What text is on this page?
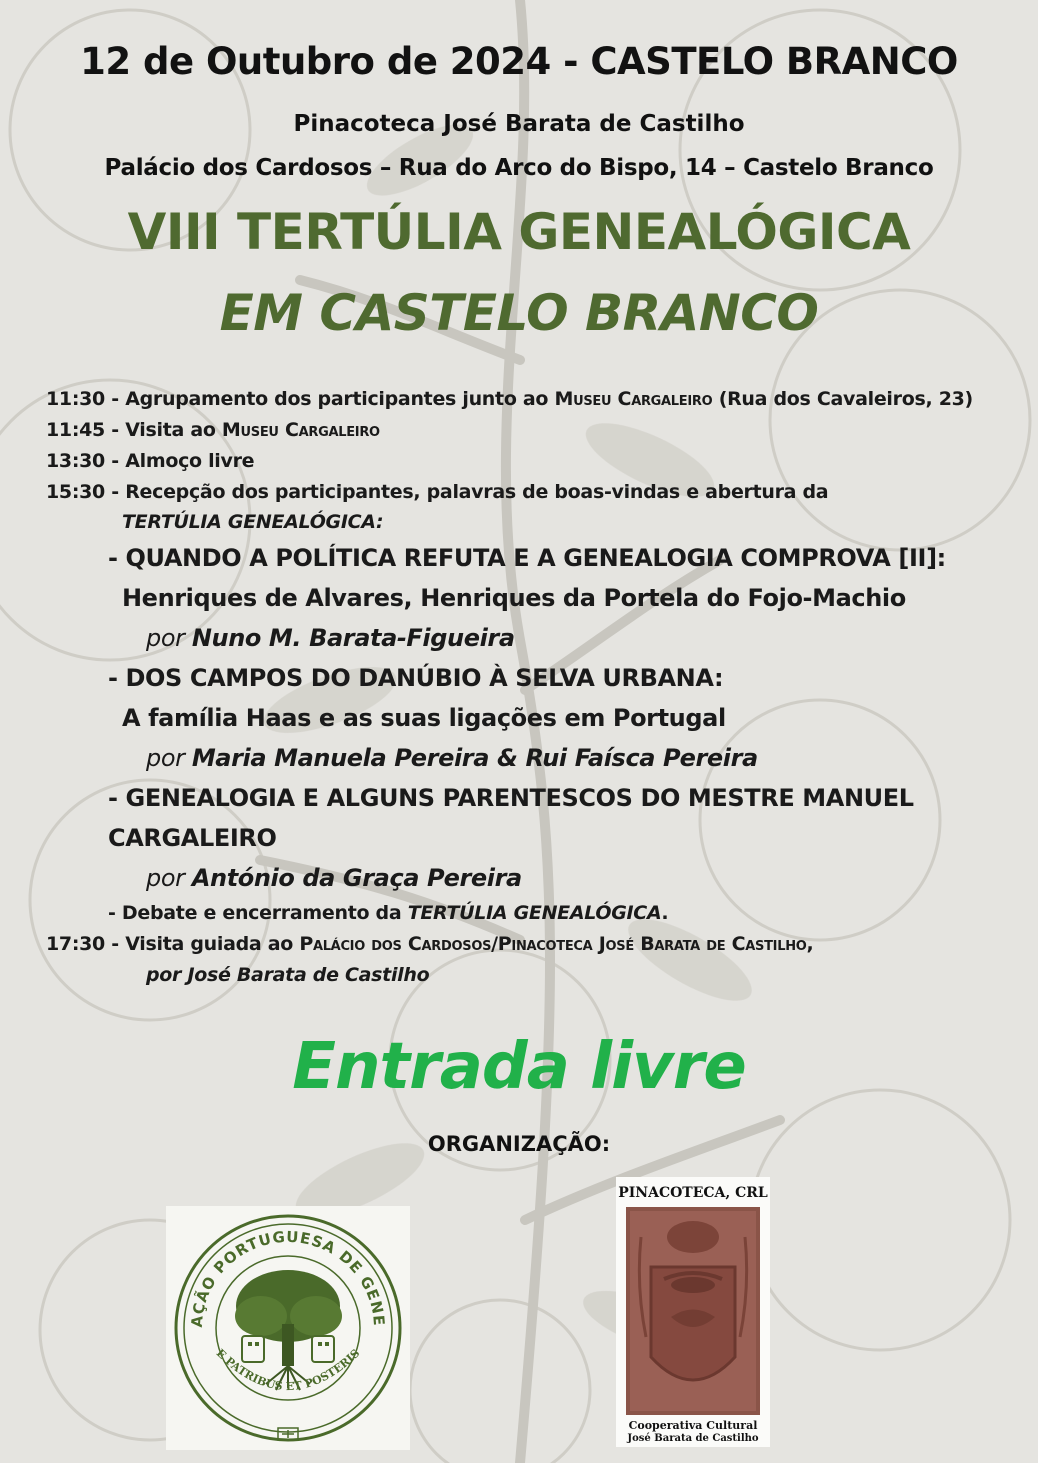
12 de Outubro de 2024 - CASTELO BRANCO
Pinacoteca José Barata de Castilho
Palácio dos Cardosos – Rua do Arco do Bispo, 14 – Castelo Branco
VIII TERTÚLIA GENEALÓGICA
EM CASTELO BRANCO
11:30 - Agrupamento dos participantes junto ao Museu Cargaleiro (Rua dos Cavaleiros, 23)
11:45 - Visita ao Museu Cargaleiro
13:30 - Almoço livre
15:30 - Recepção dos participantes, palavras de boas-vindas e abertura da
TERTÚLIA GENEALÓGICA:
- QUANDO A POLÍTICA REFUTA E A GENEALOGIA COMPROVA [II]:
Henriques de Alvares, Henriques da Portela do Fojo-Machio
por Nuno M. Barata-Figueira
- DOS CAMPOS DO DANÚBIO À SELVA URBANA:
A família Haas e as suas ligações em Portugal
por Maria Manuela Pereira & Rui Faísca Pereira
- GENEALOGIA E ALGUNS PARENTESCOS DO MESTRE MANUEL
CARGALEIRO
por António da Graça Pereira
- Debate e encerramento da TERTÚLIA GENEALÓGICA.
17:30 - Visita guiada ao Palácio dos Cardosos/Pinacoteca José Barata de Castilho,
por José Barata de Castilho
Entrada livre
ORGANIZAÇÃO:
AÇÃO PORTUGUESA DE GENE
E PATRIBUS ET POSTERIS
PINACOTECA, CRL
Cooperativa Cultural
José Barata de Castilho
